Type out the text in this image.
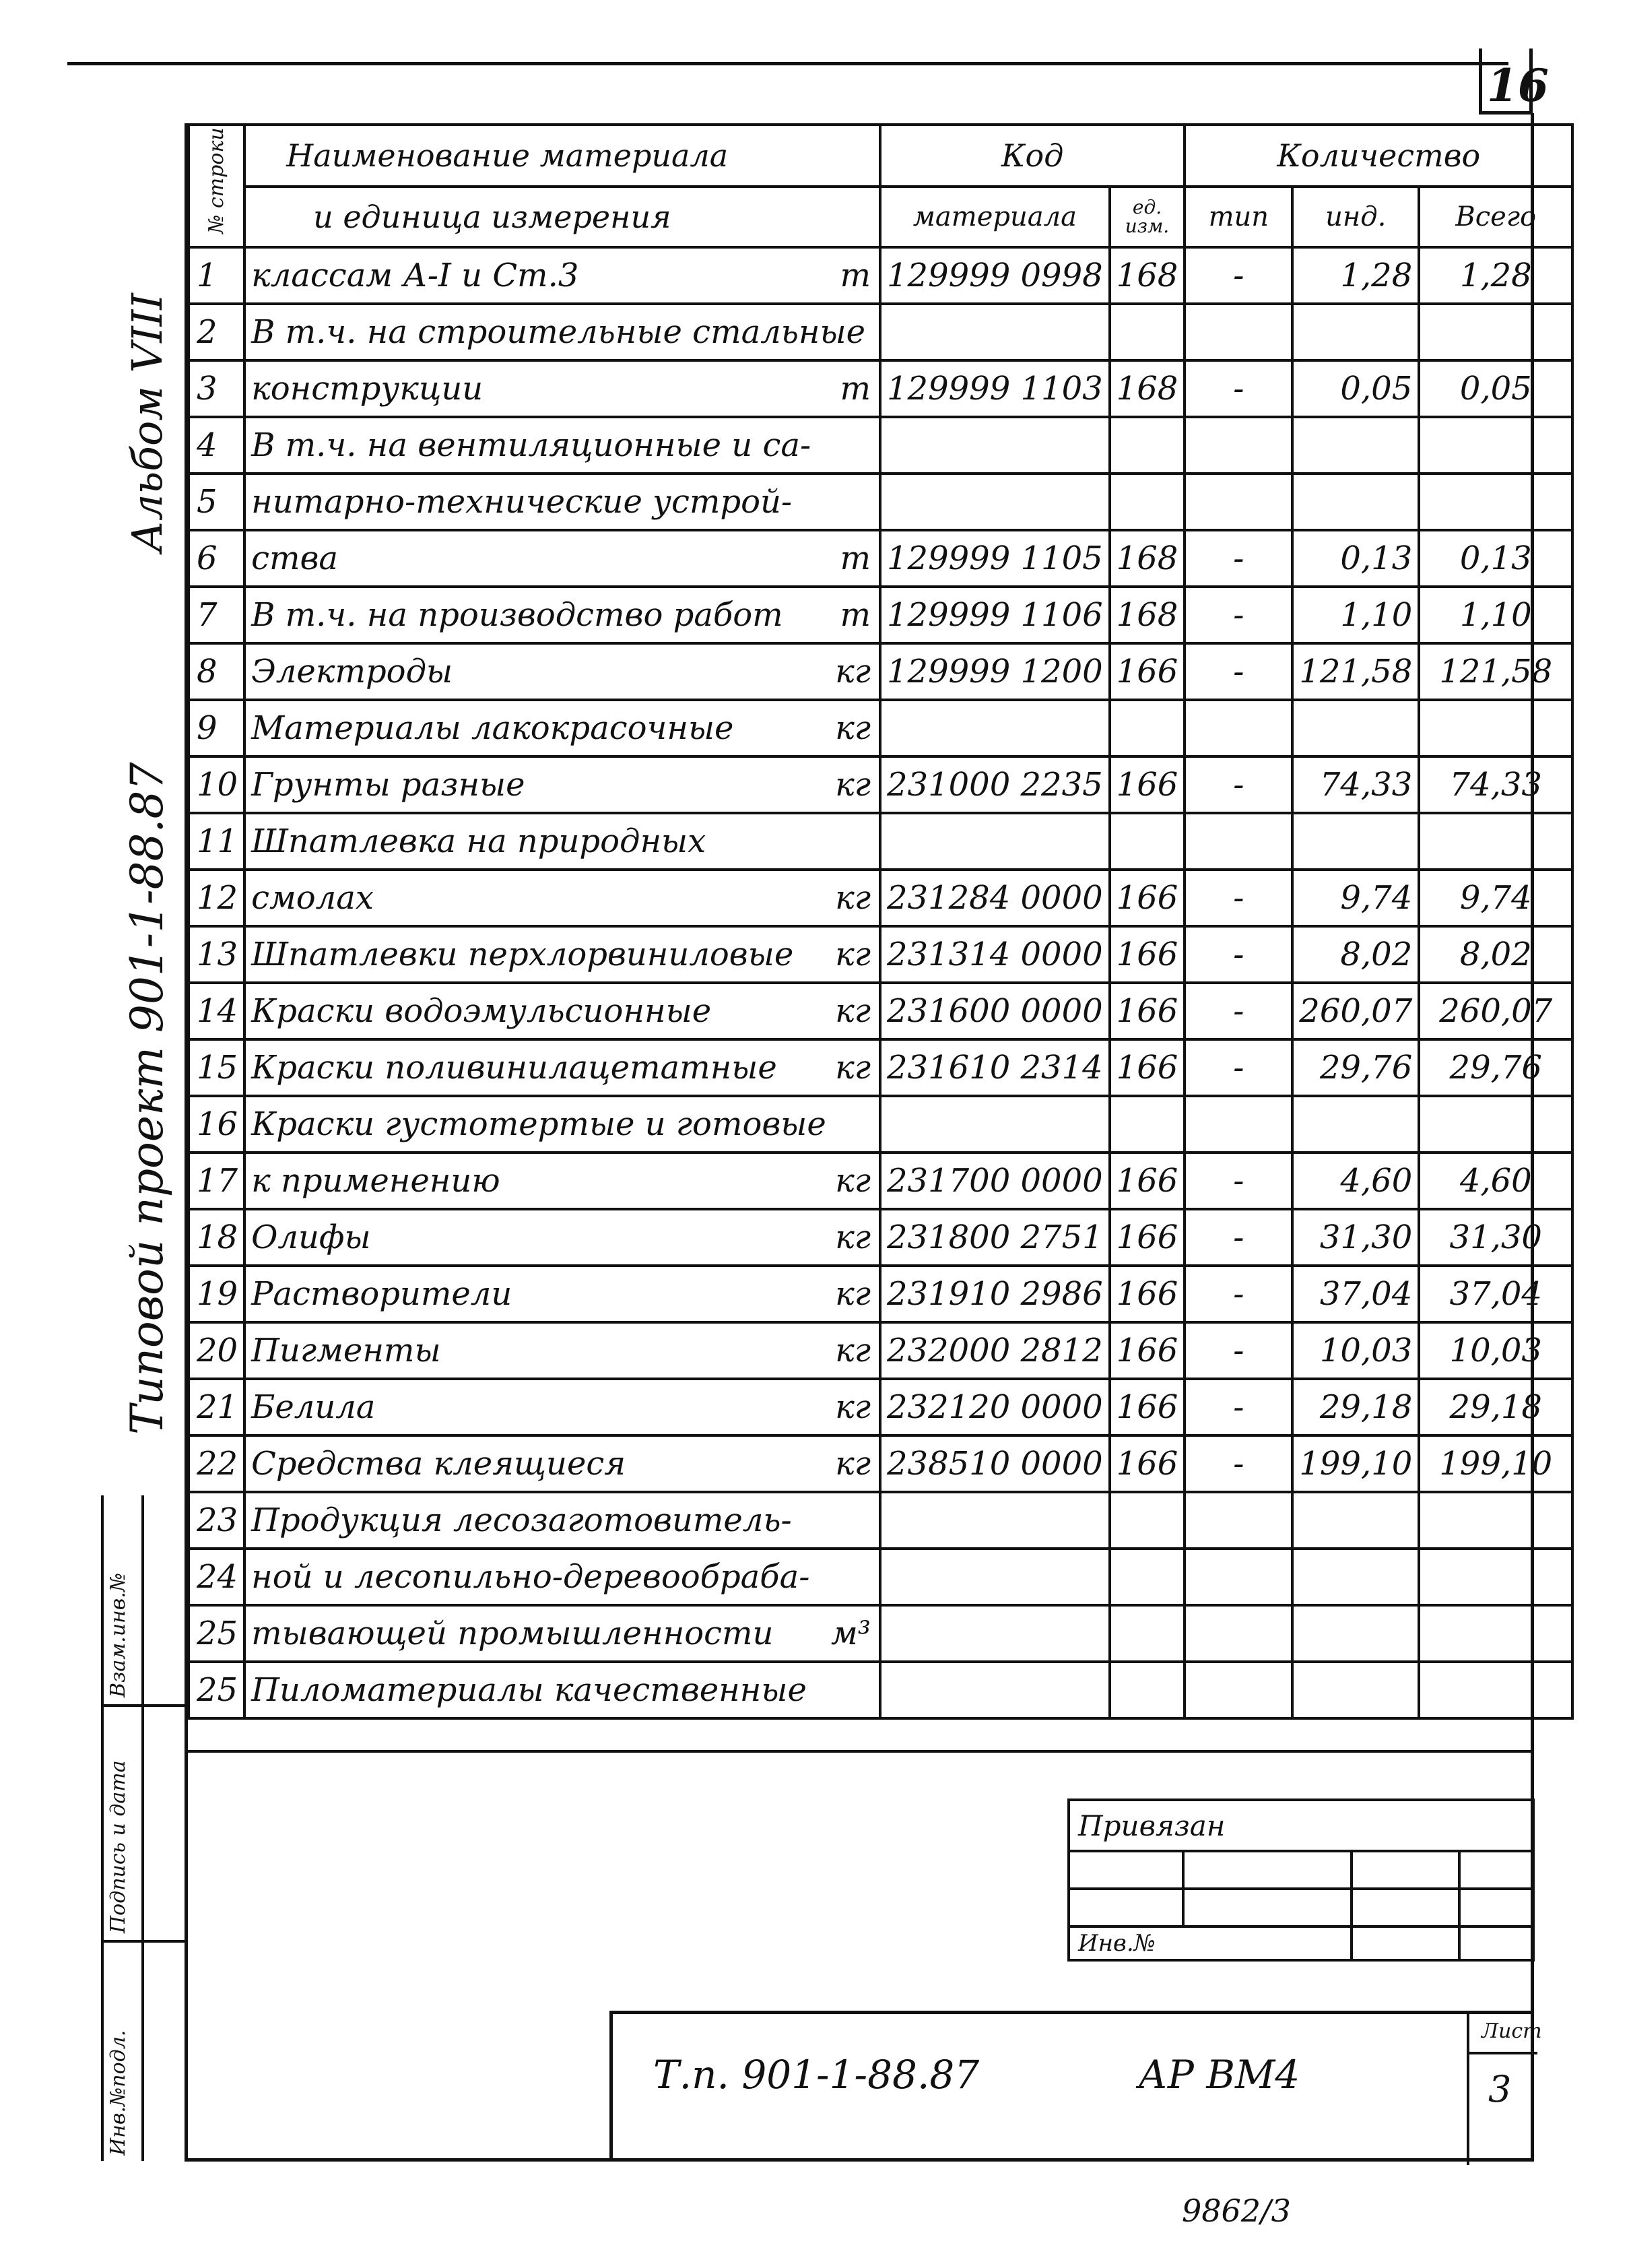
16
Альбом VIII
Типовой проект 901-1-88.87
Инв.№подл.
Подпись и дата
Взам.инв.№
№ строки	Наименование материала	Код		Количество		
	и единица измерения	материала	ед. изм.	тип	инд.	Всего
1	классам А-I и Ст.3 т	129999 0998	168	-	1,28	1,28
2	В т.ч. на строительные стальные					

3	конструкции т	129999 1103	168	-	0,05	0,05
4	В т.ч. на вентиляционные и са-					

5	нитарно-технические устрой-					

6	ства т	129999 1105	168	-	0,13	0,13
7	В т.ч. на производство работ т	129999 1106	168	-	1,10	1,10
8	Электроды кг	129999 1200	166	-	121,58	121,58
9	Материалы лакокрасочные кг					

10	Грунты разные кг	231000 2235	166	-	74,33	74,33
11	Шпатлевка на природных					

12	смолах кг	231284 0000	166	-	9,74	9,74
13	Шпатлевки перхлорвиниловые кг	231314 0000	166	-	8,02	8,02
14	Краски водоэмульсионные кг	231600 0000	166	-	260,07	260,07
15	Краски поливинилацетатные кг	231610 2314	166	-	29,76	29,76
16	Краски густотертые и готовые					

17	к применению кг	231700 0000	166	-	4,60	4,60
18	Олифы кг	231800 2751	166	-	31,30	31,30
19	Растворители кг	231910 2986	166	-	37,04	37,04
20	Пигменты кг	232000 2812	166	-	10,03	10,03
21	Белила кг	232120 0000	166	-	29,18	29,18
22	Средства клеящиеся кг	238510 0000	166	-	199,10	199,10
23	Продукция лесозаготовитель-					

24	ной и лесопильно-деревообраба-					

25	тывающей промышленности м³					

25	Пиломатериалы качественные					

Привязан			

Инв.№			
Т.п. 901-1-88.87	АР ВМ4
Лист
3
9862/3
